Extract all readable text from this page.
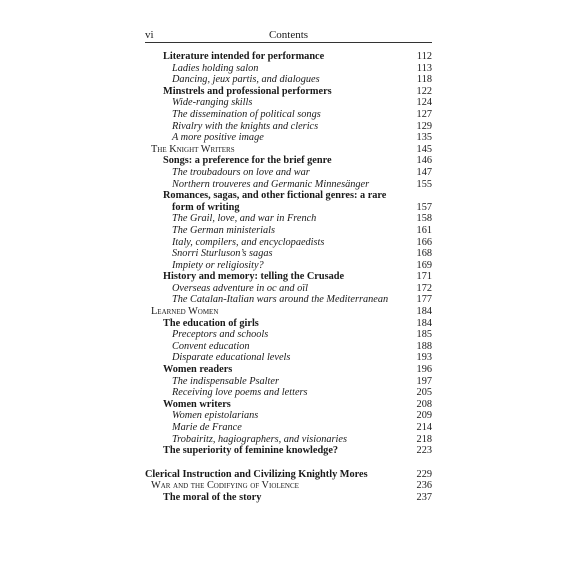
vi	Contents
Literature intended for performance	112
Ladies holding salon	113
Dancing, jeux partis, and dialogues	118
Minstrels and professional performers	122
Wide-ranging skills	124
The dissemination of political songs	127
Rivalry with the knights and clerics	129
A more positive image	135
The Knight Writers	145
Songs: a preference for the brief genre	146
The troubadours on love and war	147
Northern trouveres and Germanic Minnesänger	155
Romances, sagas, and other fictional genres: a rare
form of writing	157
The Grail, love, and war in French	158
The German ministerials	161
Italy, compilers, and encyclopaedists	166
Snorri Sturluson’s sagas	168
Impiety or religiosity?	169
History and memory: telling the Crusade	171
Overseas adventure in oc and oïl	172
The Catalan-Italian wars around the Mediterranean	177
Learned Women	184
The education of girls	184
Preceptors and schools	185
Convent education	188
Disparate educational levels	193
Women readers	196
The indispensable Psalter	197
Receiving love poems and letters	205
Women writers	208
Women epistolarians	209
Marie de France	214
Trobairitz, hagiographers, and visionaries	218
The superiority of feminine knowledge?	223
Clerical Instruction and Civilizing Knightly Mores	229
War and the Codifying of Violence	236
The moral of the story	237
